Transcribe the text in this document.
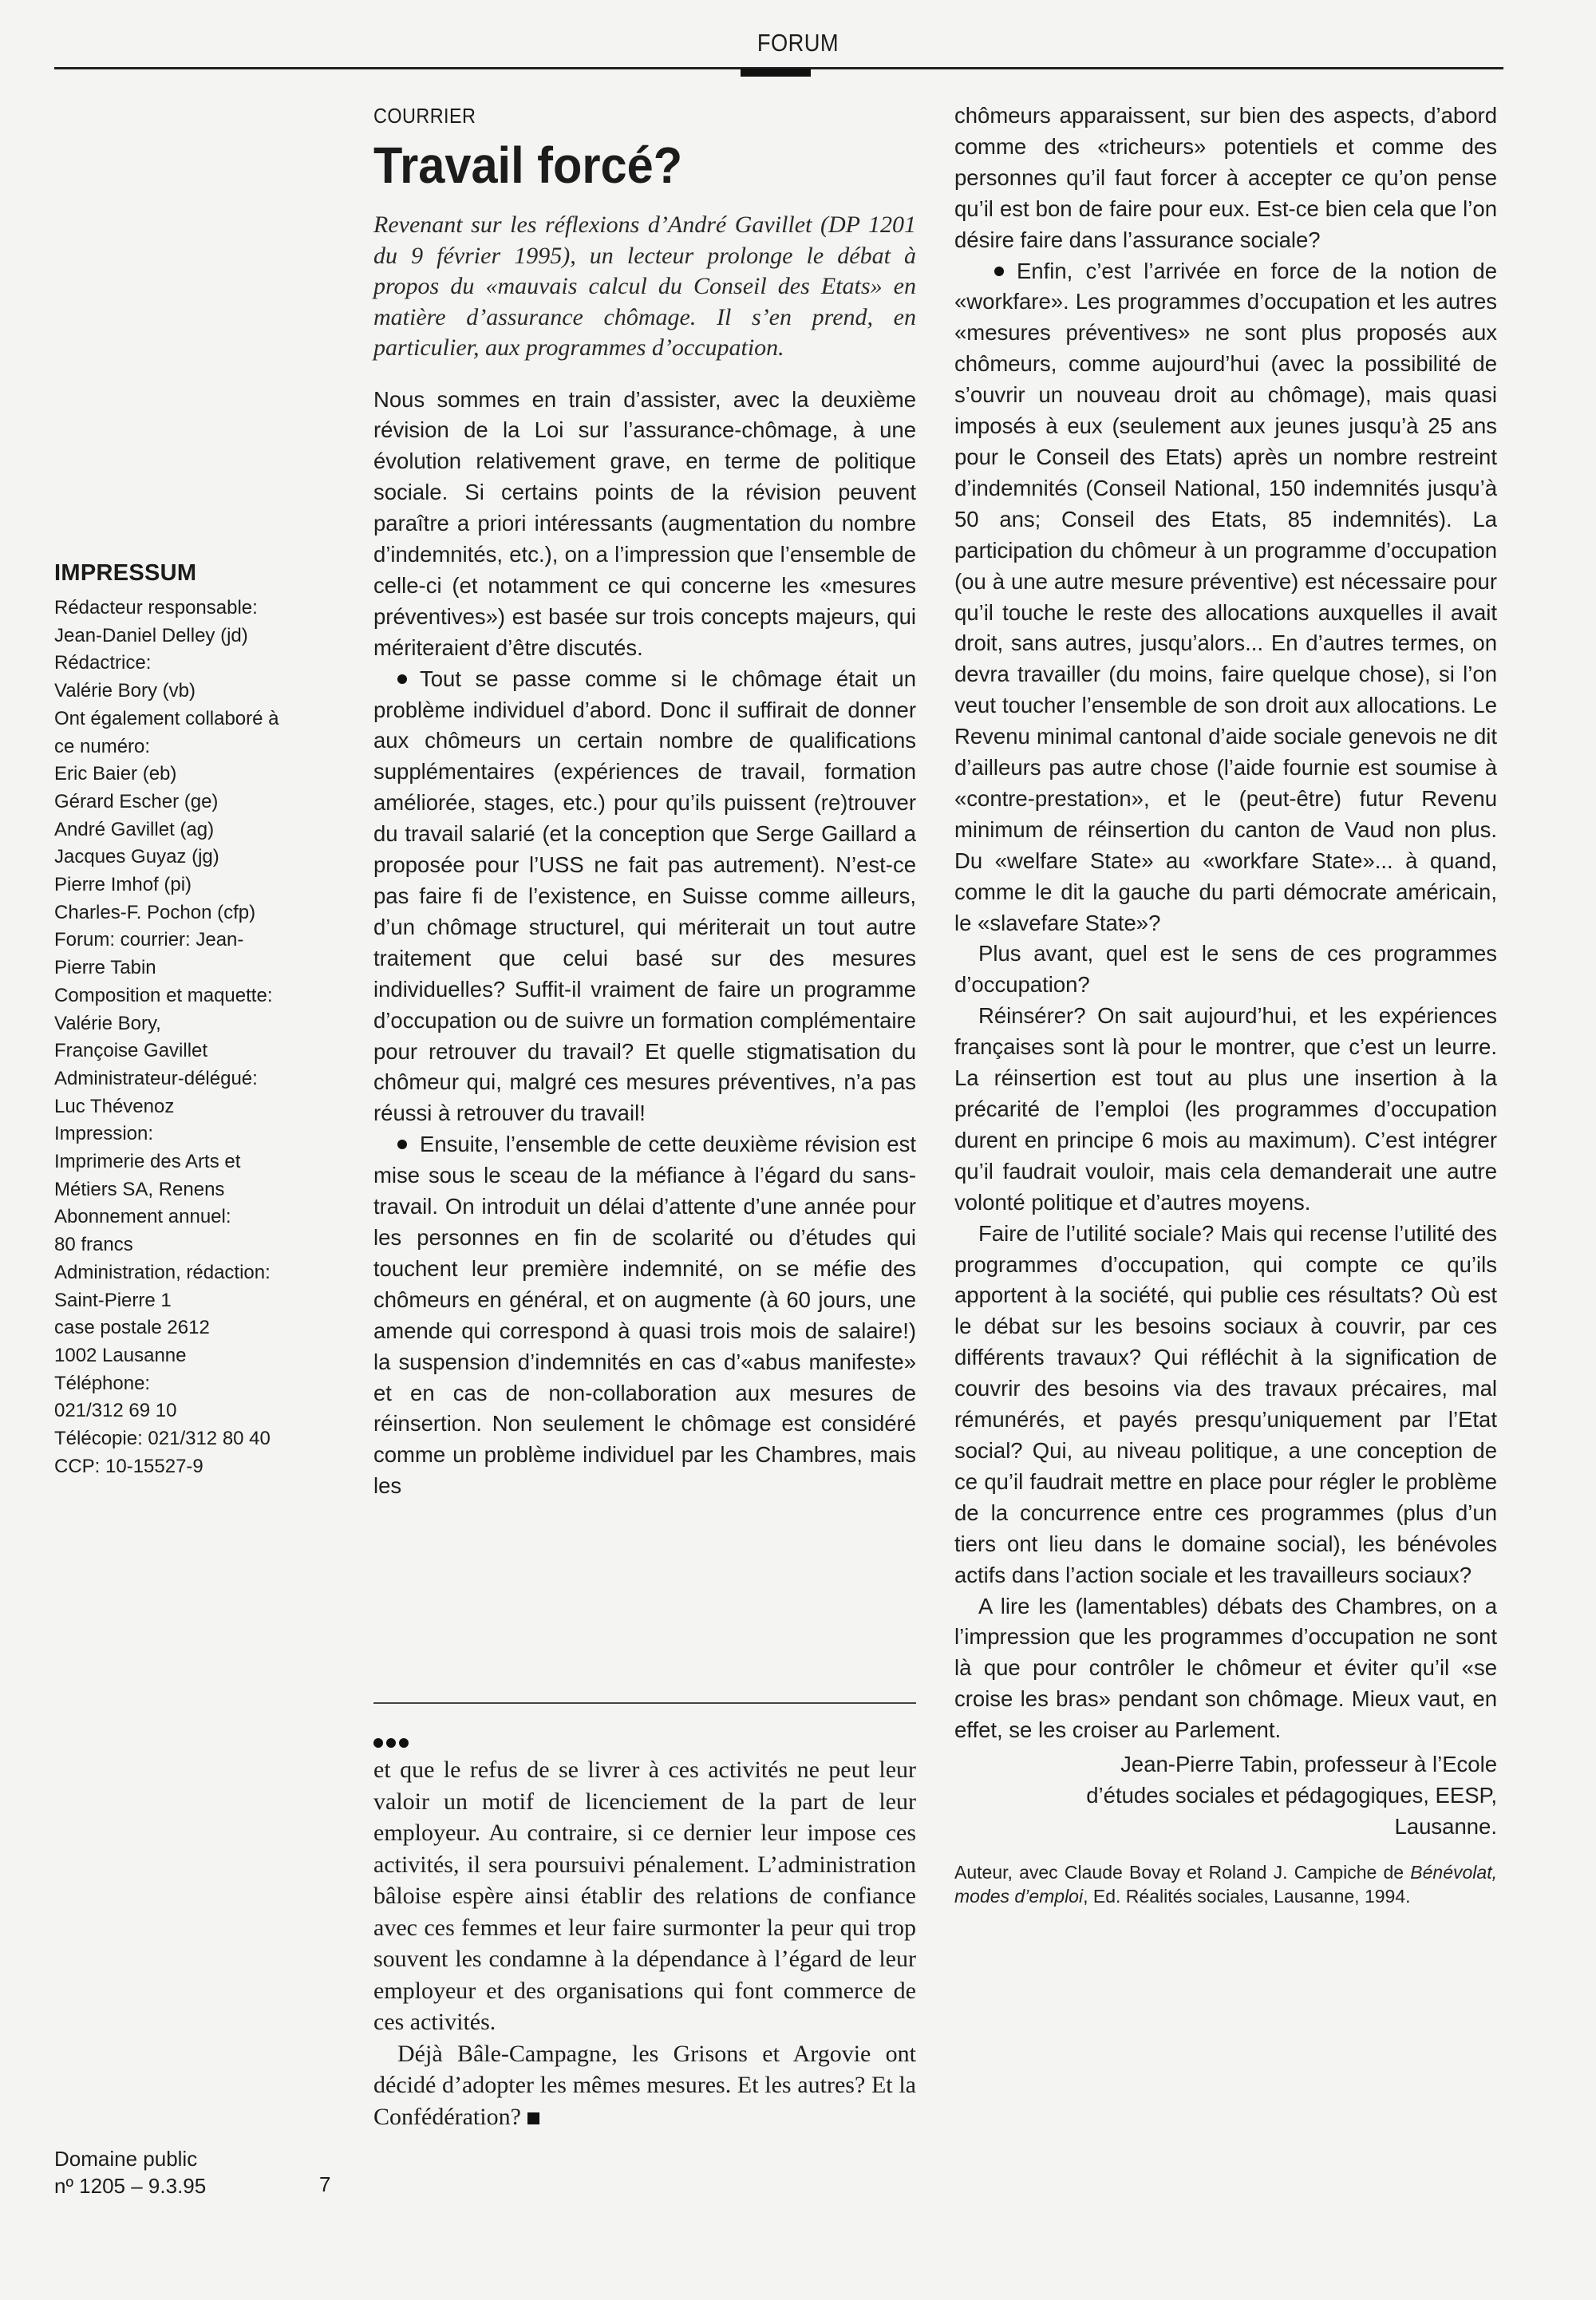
FORUM
IMPRESSUM
Rédacteur responsable:
Jean-Daniel Delley (jd)
Rédactrice:
Valérie Bory (vb)
Ont également collaboré à
ce numéro:
Eric Baier (eb)
Gérard Escher (ge)
André Gavillet (ag)
Jacques Guyaz (jg)
Pierre Imhof (pi)
Charles-F. Pochon (cfp)
Forum: courrier: Jean-
Pierre Tabin
Composition et maquette:
Valérie Bory,
Françoise Gavillet
Administrateur-délégué:
Luc Thévenoz
Impression:
Imprimerie des Arts et
Métiers SA, Renens
Abonnement annuel:
80 francs
Administration, rédaction:
Saint-Pierre 1
case postale 2612
1002 Lausanne
Téléphone:
021/312 69 10
Télécopie: 021/312 80 40
CCP: 10-15527-9
Domaine public
nº 1205 – 9.3.95	7
COURRIER
Travail forcé?
Revenant sur les réflexions d’André Gavillet (DP 1201 du 9 février 1995), un lecteur prolonge le débat à propos du «mauvais calcul du Conseil des Etats» en matière d’assurance chômage. Il s’en prend, en particulier, aux programmes d’occupation.

Nous sommes en train d’assister, avec la deuxième révision de la Loi sur l’assurance-chômage, à une évolution relativement grave, en terme de politique sociale. Si certains points de la révision peuvent paraître a priori intéressants (augmentation du nombre d’indemnités, etc.), on a l’impression que l’ensemble de celle-ci (et notamment ce qui concerne les «mesures préventives») est basée sur trois concepts majeurs, qui mériteraient d’être discutés.

Tout se passe comme si le chômage était un problème individuel d’abord. Donc il suffirait de donner aux chômeurs un certain nombre de qualifications supplémentaires (expériences de travail, formation améliorée, stages, etc.) pour qu’ils puissent (re)trouver du travail salarié (et la conception que Serge Gaillard a proposée pour l’USS ne fait pas autrement). N’est-ce pas faire fi de l’existence, en Suisse comme ailleurs, d’un chômage structurel, qui mériterait un tout autre traitement que celui basé sur des mesures individuelles? Suffit-il vraiment de faire un programme d’occupation ou de suivre un formation complémentaire pour retrouver du travail? Et quelle stigmatisation du chômeur qui, malgré ces mesures préventives, n’a pas réussi à retrouver du travail!

Ensuite, l’ensemble de cette deuxième révision est mise sous le sceau de la méfiance à l’égard du sans-travail. On introduit un délai d’attente d’une année pour les personnes en fin de scolarité ou d’études qui touchent leur première indemnité, on se méfie des chômeurs en général, et on augmente (à 60 jours, une amende qui correspond à quasi trois mois de salaire!) la suspension d’indemnités en cas d’«abus manifeste» et en cas de non-collaboration aux mesures de réinsertion. Non seulement le chômage est considéré comme un problème individuel par les Chambres, mais les

et que le refus de se livrer à ces activités ne peut leur valoir un motif de licenciement de la part de leur employeur. Au contraire, si ce dernier leur impose ces activités, il sera poursuivi pénalement. L’administration bâloise espère ainsi établir des relations de confiance avec ces femmes et leur faire surmonter la peur qui trop souvent les condamne à la dépendance à l’égard de leur employeur et des organisations qui font commerce de ces activités.

Déjà Bâle-Campagne, les Grisons et Argovie ont décidé d’adopter les mêmes mesures. Et les autres? Et la Confédération?

chômeurs apparaissent, sur bien des aspects, d’abord comme des «tricheurs» potentiels et comme des personnes qu’il faut forcer à accepter ce qu’on pense qu’il est bon de faire pour eux. Est-ce bien cela que l’on désire faire dans l’assurance sociale?

Enfin, c’est l’arrivée en force de la notion de «workfare». Les programmes d’occupation et les autres «mesures préventives» ne sont plus proposés aux chômeurs, comme aujourd’hui (avec la possibilité de s’ouvrir un nouveau droit au chômage), mais quasi imposés à eux (seulement aux jeunes jusqu’à 25 ans pour le Conseil des Etats) après un nombre restreint d’indemnités (Conseil National, 150 indemnités jusqu’à 50 ans; Conseil des Etats, 85 indemnités). La participation du chômeur à un programme d’occupation (ou à une autre mesure préventive) est nécessaire pour qu’il touche le reste des allocations auxquelles il avait droit, sans autres, jusqu’alors... En d’autres termes, on devra travailler (du moins, faire quelque chose), si l’on veut toucher l’ensemble de son droit aux allocations. Le Revenu minimal cantonal d’aide sociale genevois ne dit d’ailleurs pas autre chose (l’aide fournie est soumise à «contre-prestation», et le (peut-être) futur Revenu minimum de réinsertion du canton de Vaud non plus. Du «welfare State» au «workfare State»... à quand, comme le dit la gauche du parti démocrate américain, le «slavefare State»?

Plus avant, quel est le sens de ces programmes d’occupation?

Réinsérer? On sait aujourd’hui, et les expériences françaises sont là pour le montrer, que c’est un leurre. La réinsertion est tout au plus une insertion à la précarité de l’emploi (les programmes d’occupation durent en principe 6 mois au maximum). C’est intégrer qu’il faudrait vouloir, mais cela demanderait une autre volonté politique et d’autres moyens.

Faire de l’utilité sociale? Mais qui recense l’utilité des programmes d’occupation, qui compte ce qu’ils apportent à la société, qui publie ces résultats? Où est le débat sur les besoins sociaux à couvrir, par ces différents travaux? Qui réfléchit à la signification de couvrir des besoins via des travaux précaires, mal rémunérés, et payés presqu’uniquement par l’Etat social? Qui, au niveau politique, a une conception de ce qu’il faudrait mettre en place pour régler le problème de la concurrence entre ces programmes (plus d’un tiers ont lieu dans le domaine social), les bénévoles actifs dans l’action sociale et les travailleurs sociaux?

A lire les (lamentables) débats des Chambres, on a l’impression que les programmes d’occupation ne sont là que pour contrôler le chômeur et éviter qu’il «se croise les bras» pendant son chômage. Mieux vaut, en effet, se les croiser au Parlement.

Jean-Pierre Tabin, professeur à l’Ecole
d’études sociales et pédagogiques, EESP,
Lausanne.
Auteur, avec Claude Bovay et Roland J. Campiche de Bénévolat, modes d’emploi, Ed. Réalités sociales, Lausanne, 1994.
